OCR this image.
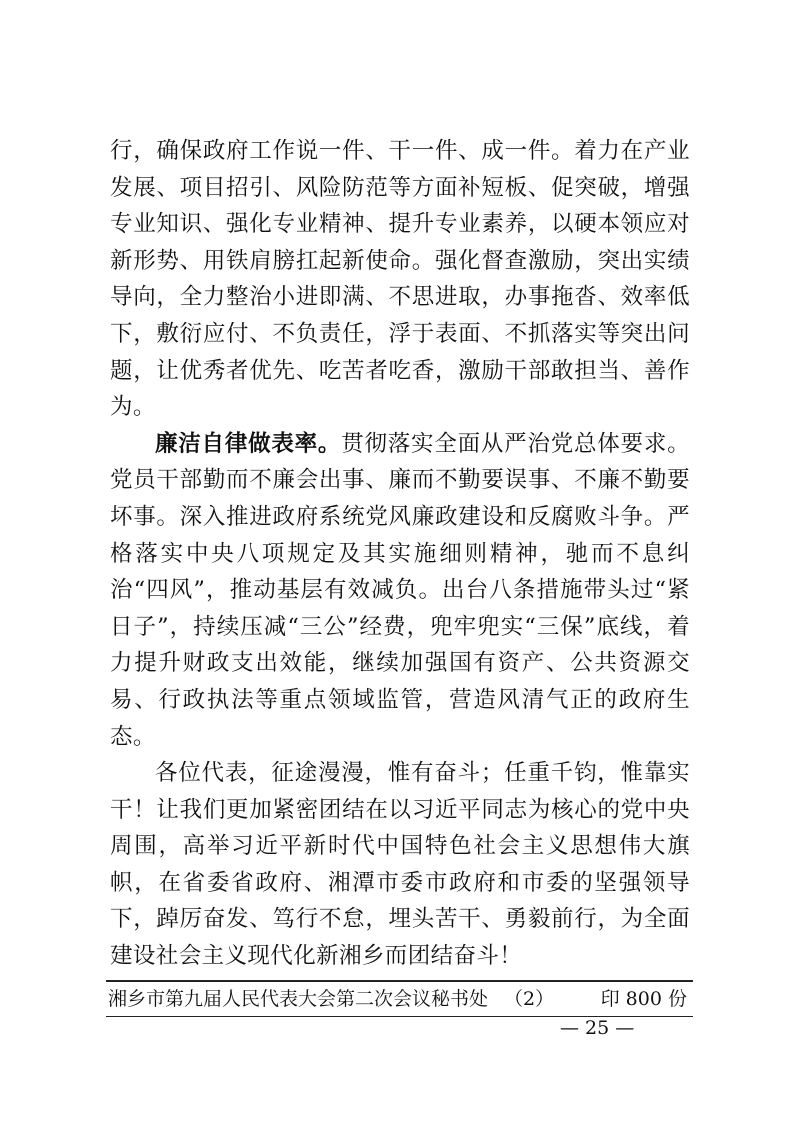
行，确保政府工作说一件、干一件、成一件。着力在产业发展、项目招引、风险防范等方面补短板、促突破，增强专业知识、强化专业精神、提升专业素养，以硬本领应对新形势、用铁肩膀扛起新使命。强化督查激励，突出实绩导向，全力整治小进即满、不思进取，办事拖沓、效率低下，敷衍应付、不负责任，浮于表面、不抓落实等突出问题，让优秀者优先、吃苦者吃香，激励干部敢担当、善作为。

廉洁自律做表率。贯彻落实全面从严治党总体要求。党员干部勤而不廉会出事、廉而不勤要误事、不廉不勤要坏事。深入推进政府系统党风廉政建设和反腐败斗争。严格落实中央八项规定及其实施细则精神，驰而不息纠治“四风”，推动基层有效减负。出台八条措施带头过“紧日子”，持续压减“三公”经费，兜牢兜实“三保”底线，着力提升财政支出效能，继续加强国有资产、公共资源交易、行政执法等重点领域监管，营造风清气正的政府生态。

各位代表，征途漫漫，惟有奋斗；任重千钧，惟靠实干！让我们更加紧密团结在以习近平同志为核心的党中央周围，高举习近平新时代中国特色社会主义思想伟大旗帜，在省委省政府、湘潭市委市政府和市委的坚强领导下，踔厉奋发、笃行不怠，埋头苦干、勇毅前行，为全面建设社会主义现代化新湘乡而团结奋斗！

湘乡市第九届人民代表大会第二次会议秘书处 （2） 印 800 份
— 25 —
